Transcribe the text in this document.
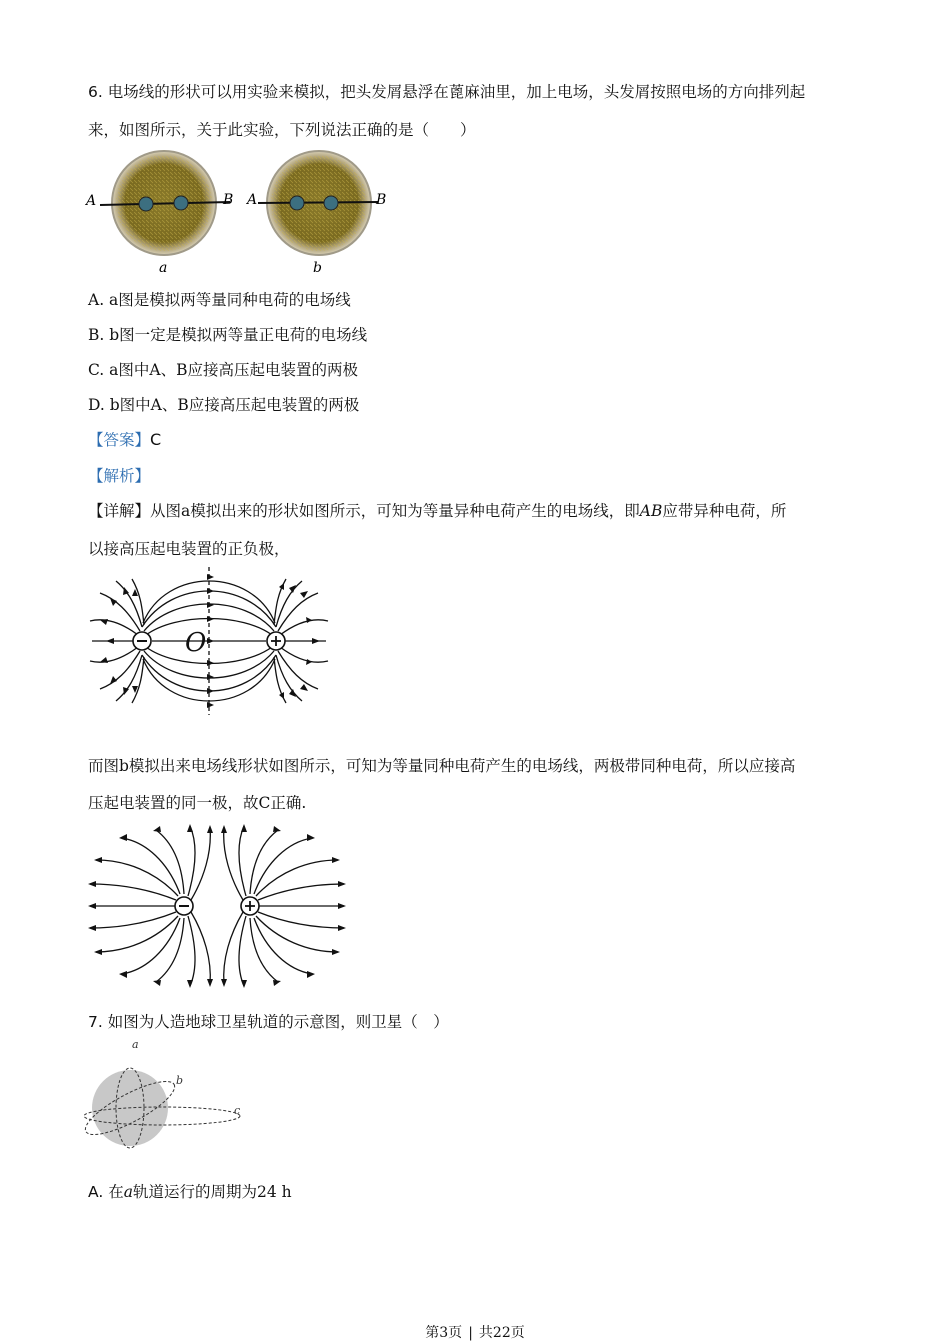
6. 电场线的形状可以用实验来模拟，把头发屑悬浮在蓖麻油里，加上电场，头发屑按照电场的方向排列起
来，如图所示，关于此实验，下列说法正确的是（　　）
A	B A	B
a	b
A. a图是模拟两等量同种电荷的电场线
B. b图一定是模拟两等量正电荷的电场线
C. a图中A、B应接高压起电装置的两极
D. b图中A、B应接高压起电装置的两极
【答案】C
【解析】
【详解】从图a模拟出来的形状如图所示，可知为等量异种电荷产生的电场线，即AB应带异种电荷，所
以接高压起电装置的正负极，
O
而图b模拟出来电场线形状如图所示，可知为等量同种电荷产生的电场线，两极带同种电荷，所以应接高
压起电装置的同一极，故C正确.
7. 如图为人造地球卫星轨道的示意图，则卫星（　）
a
b
c
A. 在a轨道运行的周期为24 h
第3页 | 共22页
